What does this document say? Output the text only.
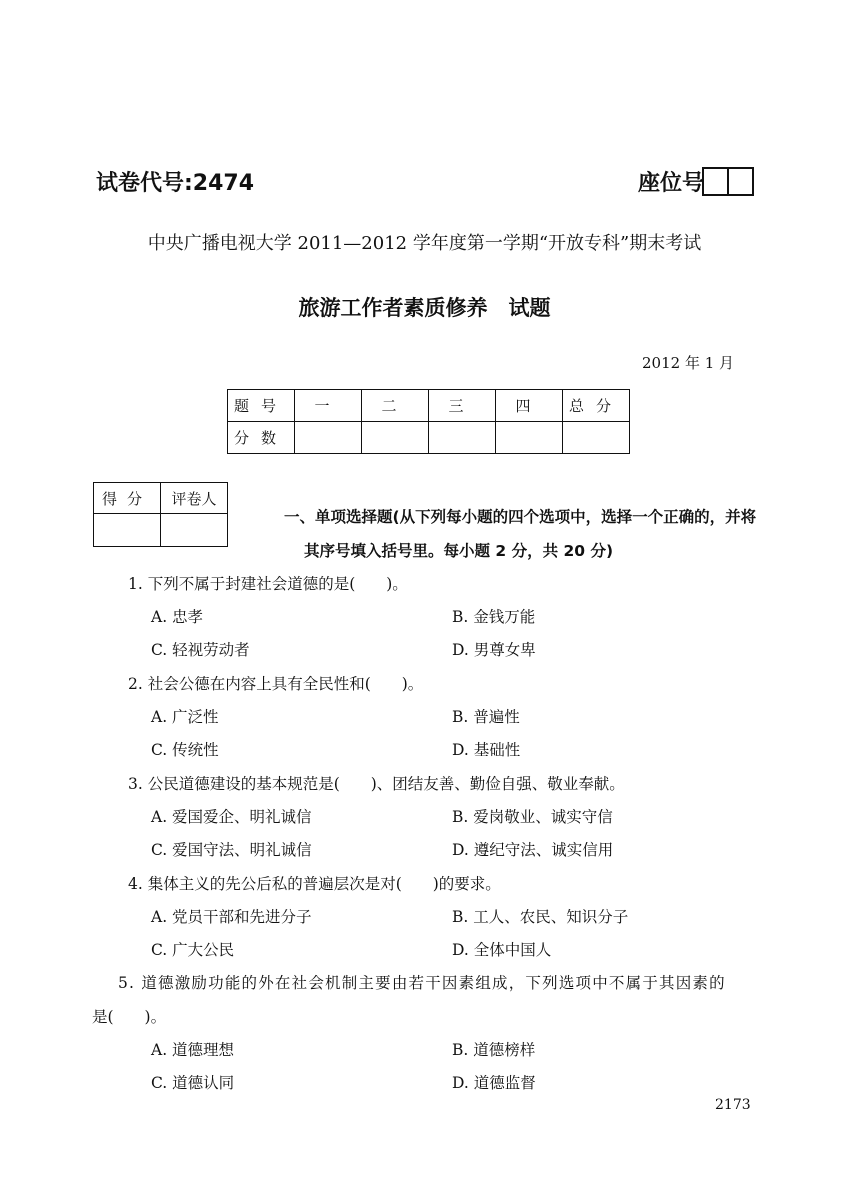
试卷代号:2474	座位号
中央广播电视大学 2011—2012 学年度第一学期“开放专科”期末考试
旅游工作者素质修养　试题
2012 年 1 月
题号	一	二	三	四	总分
分数					
得分	评卷人

一、单项选择题(从下列每小题的四个选项中，选择一个正确的，并将
其序号填入括号里。每小题 2 分，共 20 分)
1. 下列不属于封建社会道德的是(　　)。
A. 忠孝	B. 金钱万能
C. 轻视劳动者	D. 男尊女卑
2. 社会公德在内容上具有全民性和(　　)。
A. 广泛性	B. 普遍性
C. 传统性	D. 基础性
3. 公民道德建设的基本规范是(　　)、团结友善、勤俭自强、敬业奉献。
A. 爱国爱企、明礼诚信	B. 爱岗敬业、诚实守信
C. 爱国守法、明礼诚信	D. 遵纪守法、诚实信用
4. 集体主义的先公后私的普遍层次是对(　　)的要求。
A. 党员干部和先进分子	B. 工人、农民、知识分子
C. 广大公民	D. 全体中国人
5. 道德激励功能的外在社会机制主要由若干因素组成，下列选项中不属于其因素的
是(　　)。
A. 道德理想	B. 道德榜样
C. 道德认同	D. 道德监督
2173
